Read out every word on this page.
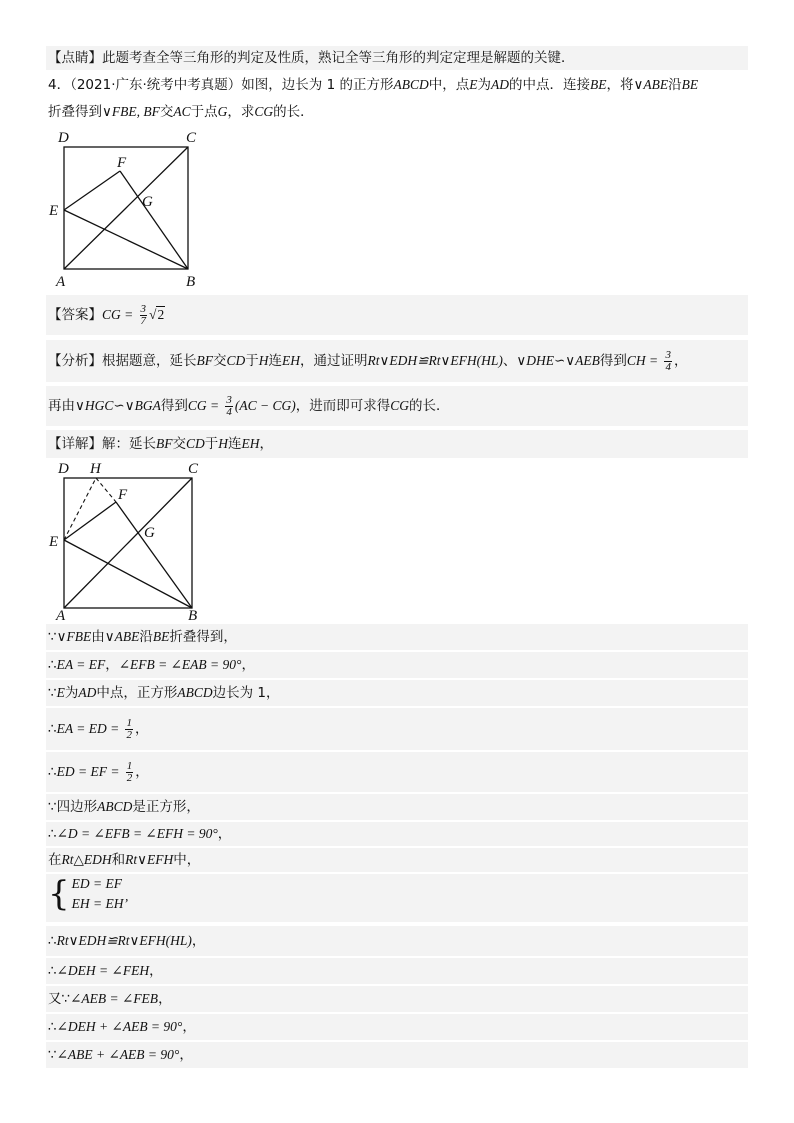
【点睛】此题考查全等三角形的判定及性质，熟记全等三角形的判定定理是解题的关键．
4．（2021·广东·统考中考真题）如图，边长为 1 的正方形ABCD中，点E为AD的中点．连接BE，将∨ABE沿BE
折叠得到∨FBE, BF交AC于点G，求CG的长．
D	C
F
G
E
A	B
【答案】CG = $\frac{3}{7} √2$
【分析】根据题意，延长BF交CD于H连EH，通过证明Rt∨EDH≌Rt∨EFH(HL)、∨DHE∽∨AEB得到CH = $\frac{3}{4}$ ，
再由∨HGC∽∨BGA得到CG = $\frac{3}{4} (AC - CG)$，进而即可求得CG的长．
【详解】解：延长BF交CD于H连EH，
D H	C
F
G
E
A	B
∵∨FBE由∨ABE沿BE折叠得到，
∴EA = EF，∠EFB = ∠EAB = 90°，
∵E为AD中点，正方形ABCD边长为 1，
∴EA = ED = $\frac{1}{2}$ ，
∴ED = EF = $\frac{1}{2}$ ，
∵四边形ABCD是正方形，
∴∠D = ∠EFB = ∠EFH = 90°，
在Rt△EDH和Rt∨EFH中，
{ ED = EF
EH = EH’
∴Rt∨EDH≌Rt∨EFH(HL)，
∴∠DEH = ∠FEH，
又∵∠AEB = ∠FEB，
∴∠DEH + ∠AEB = 90°，
∵∠ABE + ∠AEB = 90°，
